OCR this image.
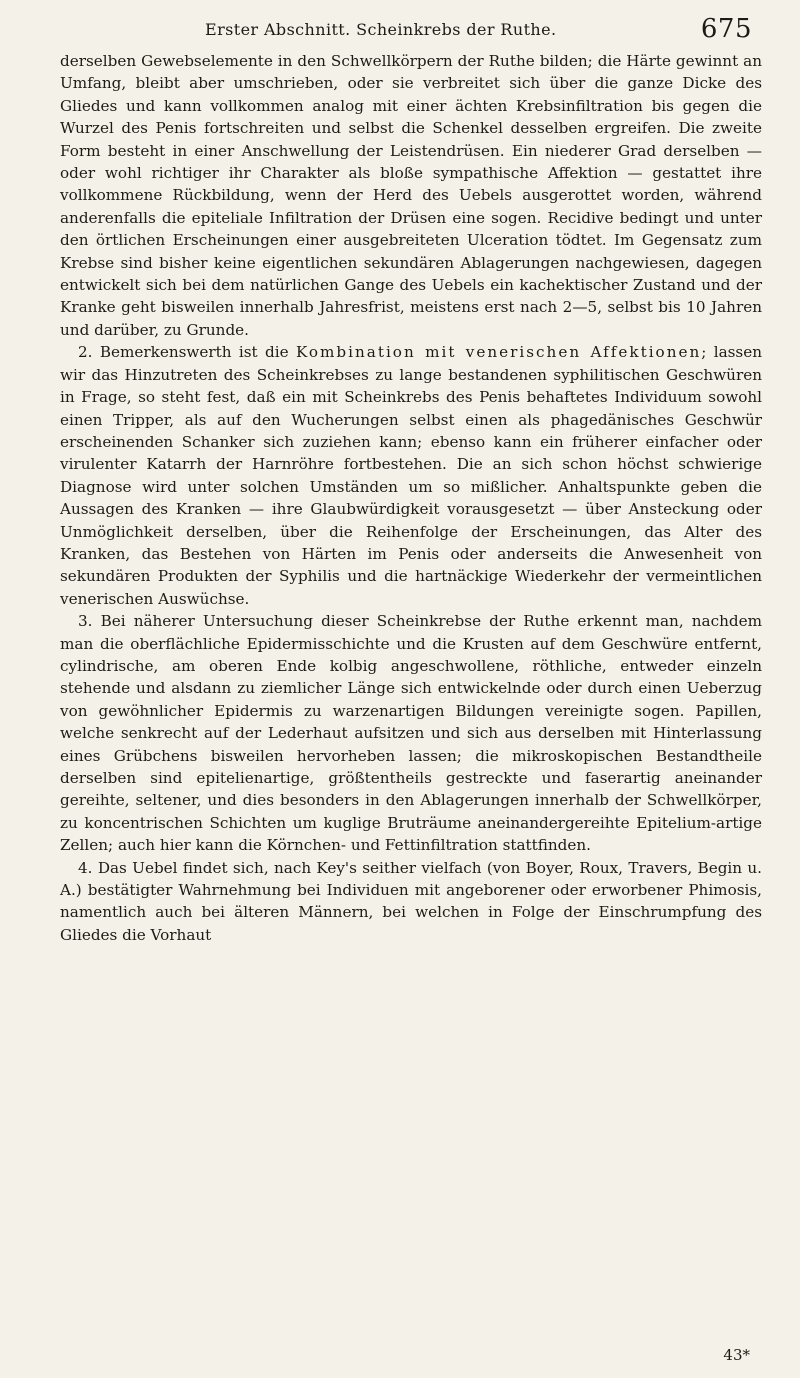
Erster Abschnitt. Scheinkrebs der Ruthe.	675

derselben Gewebselemente in den Schwellkörpern der Ruthe bilden; die Härte gewinnt an Umfang, bleibt aber umschrieben, oder sie verbreitet sich über die ganze Dicke des Gliedes und kann vollkommen analog mit einer ächten Krebsinfiltration bis gegen die Wurzel des Penis fortschreiten und selbst die Schenkel desselben ergreifen. Die zweite Form besteht in einer Anschwellung der Leistendrüsen. Ein niederer Grad derselben — oder wohl richtiger ihr Charakter als bloße sympathische Affektion — gestattet ihre vollkommene Rückbildung, wenn der Herd des Uebels ausgerottet worden, während anderenfalls die epiteliale Infiltration der Drüsen eine sogen. Recidive bedingt und unter den örtlichen Erscheinungen einer ausgebreiteten Ulceration tödtet. Im Gegensatz zum Krebse sind bisher keine eigentlichen sekundären Ablagerungen nachgewiesen, dagegen entwickelt sich bei dem natürlichen Gange des Uebels ein kachektischer Zustand und der Kranke geht bisweilen innerhalb Jahresfrist, meistens erst nach 2—5, selbst bis 10 Jahren und darüber, zu Grunde.

2. Bemerkenswerth ist die Kombination mit venerischen Affektionen; lassen wir das Hinzutreten des Scheinkrebses zu lange bestandenen syphilitischen Geschwüren in Frage, so steht fest, daß ein mit Scheinkrebs des Penis behaftetes Individuum sowohl einen Tripper, als auf den Wucherungen selbst einen als phagedänisches Geschwür erscheinenden Schanker sich zuziehen kann; ebenso kann ein früherer einfacher oder virulenter Katarrh der Harnröhre fortbestehen. Die an sich schon höchst schwierige Diagnose wird unter solchen Umständen um so mißlicher. Anhaltspunkte geben die Aussagen des Kranken — ihre Glaubwürdigkeit vorausgesetzt — über Ansteckung oder Unmöglichkeit derselben, über die Reihenfolge der Erscheinungen, das Alter des Kranken, das Bestehen von Härten im Penis oder anderseits die Anwesenheit von sekundären Produkten der Syphilis und die hartnäckige Wiederkehr der vermeintlichen venerischen Auswüchse.

3. Bei näherer Untersuchung dieser Scheinkrebse der Ruthe erkennt man, nachdem man die oberflächliche Epidermisschichte und die Krusten auf dem Geschwüre entfernt, cylindrische, am oberen Ende kolbig angeschwollene, röthliche, entweder einzeln stehende und alsdann zu ziemlicher Länge sich entwickelnde oder durch einen Ueberzug von gewöhnlicher Epidermis zu warzenartigen Bildungen vereinigte sogen. Papillen, welche senkrecht auf der Lederhaut aufsitzen und sich aus derselben mit Hinterlassung eines Grübchens bisweilen hervorheben lassen; die mikroskopischen Bestandtheile derselben sind epitelienartige, größtentheils gestreckte und faserartig aneinander gereihte, seltener, und dies besonders in den Ablagerungen innerhalb der Schwellkörper, zu koncentrischen Schichten um kuglige Bruträume aneinandergereihte Epitelium-artige Zellen; auch hier kann die Körnchen- und Fettinfiltration stattfinden.

4. Das Uebel findet sich, nach Key's seither vielfach (von Boyer, Roux, Travers, Begin u. A.) bestätigter Wahrnehmung bei Individuen mit angeborener oder erworbener Phimosis, namentlich auch bei älteren Männern, bei welchen in Folge der Einschrumpfung des Gliedes die Vorhaut

43*
